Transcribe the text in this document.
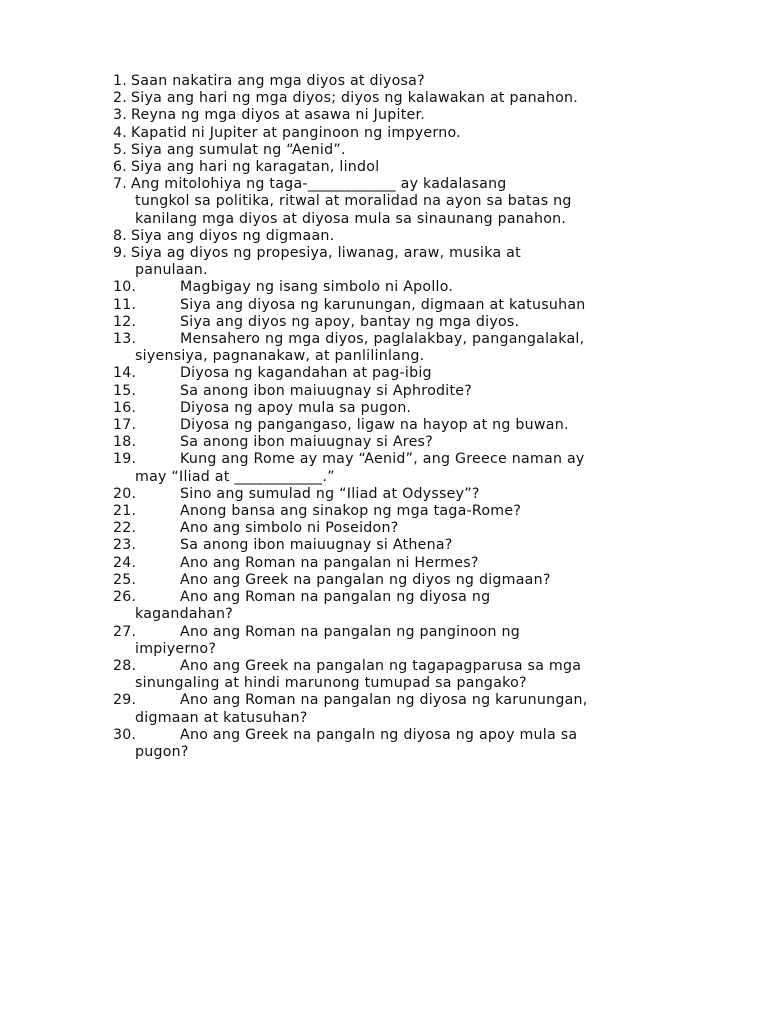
1. Saan nakatira ang mga diyos at diyosa?
2. Siya ang hari ng mga diyos; diyos ng kalawakan at panahon.
3. Reyna ng mga diyos at asawa ni Jupiter.
4. Kapatid ni Jupiter at panginoon ng impyerno.
5. Siya ang sumulat ng “Aenid”.
6. Siya ang hari ng karagatan, lindol
7. Ang mitolohiya ng taga-____________ ay kadalasang
tungkol sa politika, ritwal at moralidad na ayon sa batas ng
kanilang mga diyos at diyosa mula sa sinaunang panahon.
8. Siya ang diyos ng digmaan.
9. Siya ag diyos ng propesiya, liwanag, araw, musika at
panulaan.
10.	Magbigay ng isang simbolo ni Apollo.
11.	Siya ang diyosa ng karunungan, digmaan at katusuhan
12.	Siya ang diyos ng apoy, bantay ng mga diyos.
13.	Mensahero ng mga diyos, paglalakbay, pangangalakal,
siyensiya, pagnanakaw, at panlilinlang.
14.	Diyosa ng kagandahan at pag-ibig
15.	Sa anong ibon maiuugnay si Aphrodite?
16.	Diyosa ng apoy mula sa pugon.
17.	Diyosa ng pangangaso, ligaw na hayop at ng buwan.
18.	Sa anong ibon maiuugnay si Ares?
19.	Kung ang Rome ay may “Aenid”, ang Greece naman ay
may “Iliad at ____________.”
20.	Sino ang sumulad ng “Iliad at Odyssey”?
21.	Anong bansa ang sinakop ng mga taga-Rome?
22.	Ano ang simbolo ni Poseidon?
23.	Sa anong ibon maiuugnay si Athena?
24.	Ano ang Roman na pangalan ni Hermes?
25.	Ano ang Greek na pangalan ng diyos ng digmaan?
26.	Ano ang Roman na pangalan ng diyosa ng
kagandahan?
27.	Ano ang Roman na pangalan ng panginoon ng
impiyerno?
28.	Ano ang Greek na pangalan ng tagapagparusa sa mga
sinungaling at hindi marunong tumupad sa pangako?
29.	Ano ang Roman na pangalan ng diyosa ng karunungan,
digmaan at katusuhan?
30.	Ano ang Greek na pangaln ng diyosa ng apoy mula sa
pugon?
